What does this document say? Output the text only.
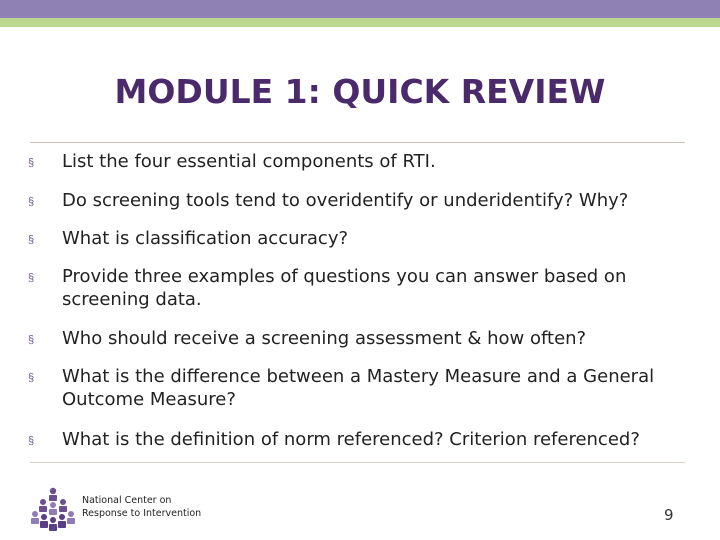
MODULE 1: QUICK REVIEW
§	List the four essential components of RTI.
§	Do screening tools tend to overidentify or underidentify? Why?
§	What is classification accuracy?
§	Provide three examples of questions you can answer based on screening data.
§	Who should receive a screening assessment & how often?
§	What is the difference between a Mastery Measure and a General Outcome Measure?
§	What is the definition of norm referenced? Criterion referenced?
National Center on
Response to Intervention	9
